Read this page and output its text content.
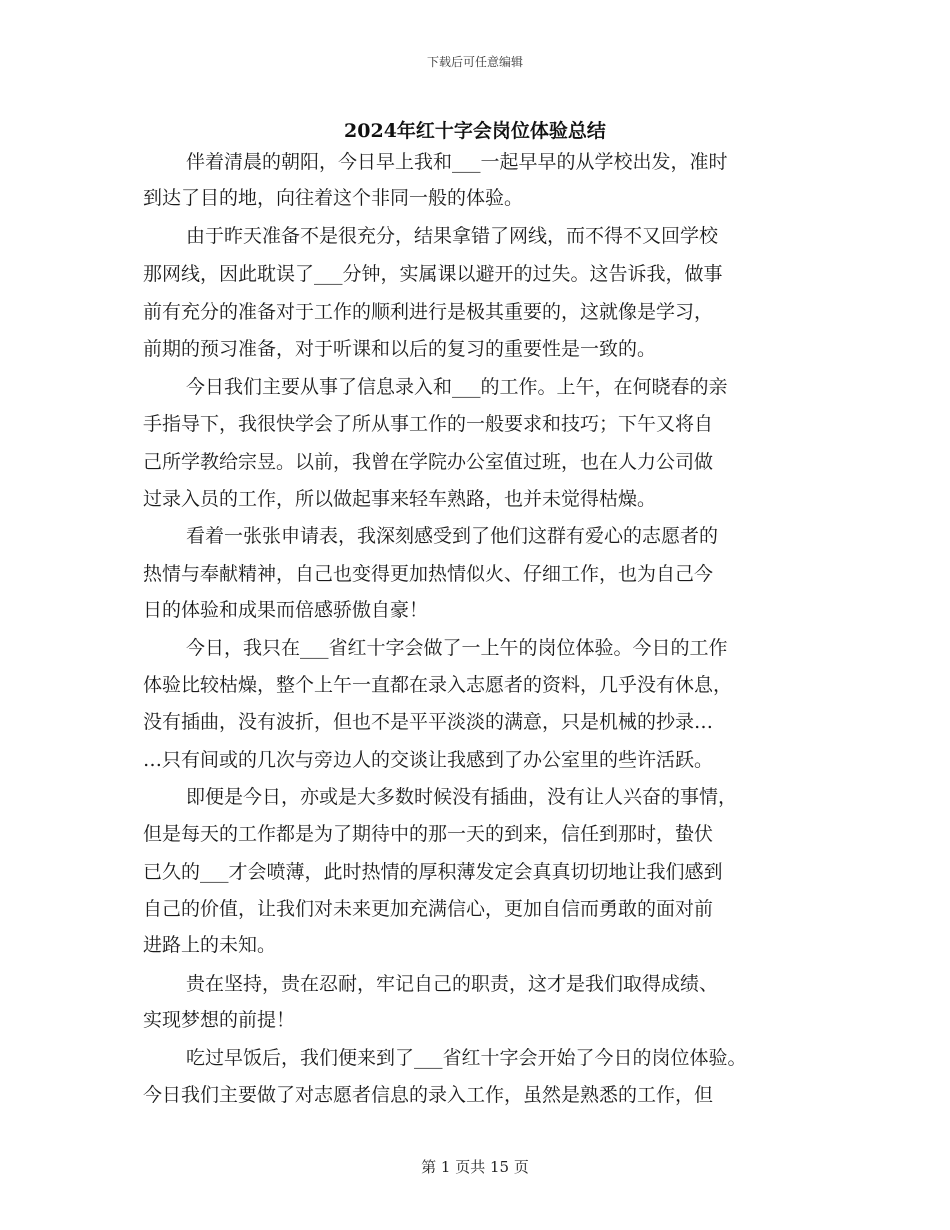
下载后可任意编辑
2024年红十字会岗位体验总结
伴着清晨的朝阳，今日早上我和___一起早早的从学校出发，准时
到达了目的地，向往着这个非同一般的体验。
由于昨天准备不是很充分，结果拿错了网线，而不得不又回学校
那网线，因此耽误了___分钟，实属课以避开的过失。这告诉我，做事
前有充分的准备对于工作的顺利进行是极其重要的，这就像是学习，
前期的预习准备，对于听课和以后的复习的重要性是一致的。
今日我们主要从事了信息录入和___的工作。上午，在何晓春的亲
手指导下，我很快学会了所从事工作的一般要求和技巧；下午又将自
己所学教给宗昱。以前，我曾在学院办公室值过班，也在人力公司做
过录入员的工作，所以做起事来轻车熟路，也并未觉得枯燥。
看着一张张申请表，我深刻感受到了他们这群有爱心的志愿者的
热情与奉献精神，自己也变得更加热情似火、仔细工作，也为自己今
日的体验和成果而倍感骄傲自豪！
今日，我只在___省红十字会做了一上午的岗位体验。今日的工作
体验比较枯燥，整个上午一直都在录入志愿者的资料，几乎没有休息，
没有插曲，没有波折，但也不是平平淡淡的满意，只是机械的抄录…
…只有间或的几次与旁边人的交谈让我感到了办公室里的些许活跃。
即便是今日，亦或是大多数时候没有插曲，没有让人兴奋的事情，
但是每天的工作都是为了期待中的那一天的到来，信任到那时，蛰伏
已久的___才会喷薄，此时热情的厚积薄发定会真真切切地让我们感到
自己的价值，让我们对未来更加充满信心，更加自信而勇敢的面对前
进路上的未知。
贵在坚持，贵在忍耐，牢记自己的职责，这才是我们取得成绩、
实现梦想的前提！
吃过早饭后，我们便来到了___省红十字会开始了今日的岗位体验。
今日我们主要做了对志愿者信息的录入工作，虽然是熟悉的工作，但
第 1 页共 15 页
